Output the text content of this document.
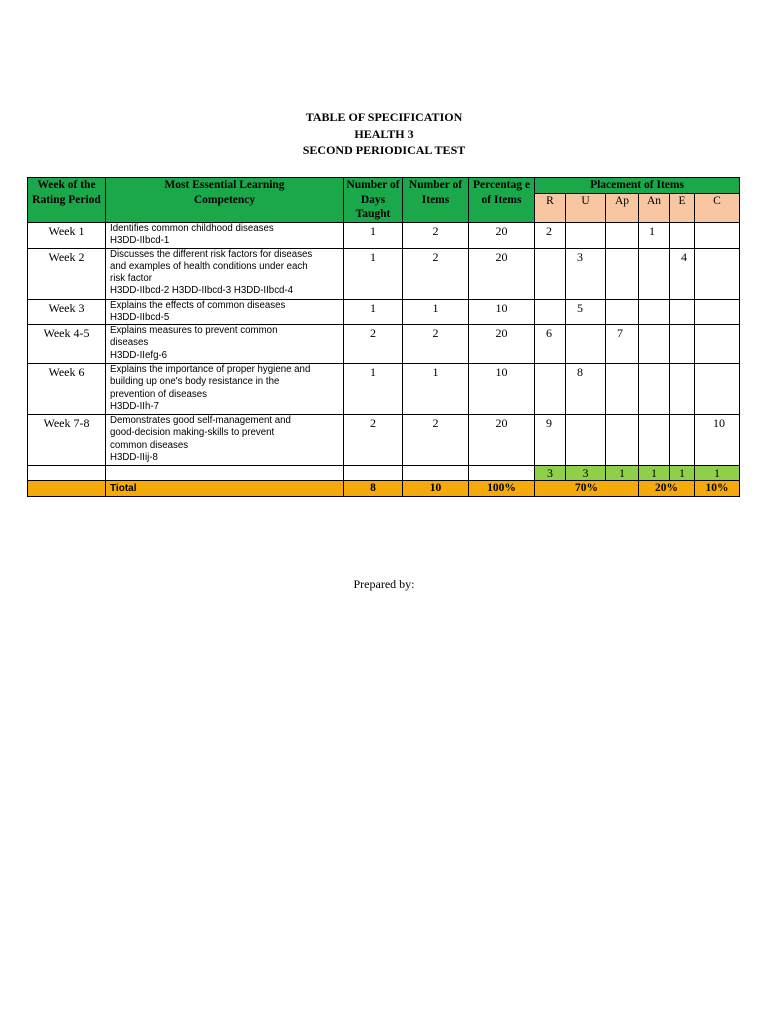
TABLE OF SPECIFICATION
HEALTH 3
SECOND PERIODICAL TEST
Week of the Rating Period	Most Essential Learning Competency	Number of Days Taught	Number of Items	Percentag e of Items	Placement of Items					
					R	U	Ap	An	E	C
Week 1	Identifies common childhood diseases
H3DD-IIbcd-1	1	2	20	2			1		
Week 2	Discusses the different risk factors for diseases
and examples of health conditions under each
risk factor
H3DD-IIbcd-2 H3DD-IIbcd-3 H3DD-IIbcd-4	1	2	20		3			4	
Week 3	Explains the effects of common diseases
H3DD-IIbcd-5	1	1	10		5				
Week 4-5	Explains measures to prevent common
diseases
H3DD-IIefg-6	2	2	20	6		7			
Week 6	Explains the importance of proper hygiene and
building up one's body resistance in the
prevention of diseases
H3DD-IIh-7	1	1	10		8				
Week 7-8	Demonstrates good self-management and
good-decision making-skills to prevent
common diseases
H3DD-IIij-8	2	2	20	9					10
					3	3	1	1	1	1
	Tiotal	8	10	100%	70%			20%		10%
Prepared by:
